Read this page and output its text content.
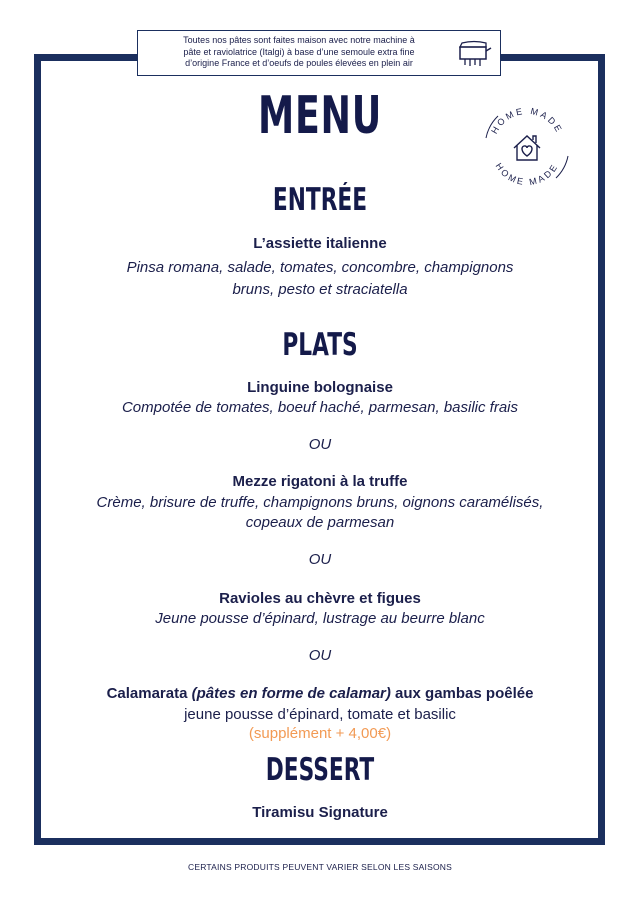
Toutes nos pâtes sont faites maison avec notre machine à
pâte et raviolatrice (Italgi) à base d’une semoule extra fine
d’origine France et d’oeufs de poules élevées en plein air
MENU	HOME MADE
HOME MADE
ENTRÉE
L’assiette italienne
Pinsa romana, salade, tomates, concombre, champignons
bruns, pesto et straciatella
PLATS
Linguine bolognaise
Compotée de tomates, boeuf haché, parmesan, basilic frais
OU
Mezze rigatoni à la truffe
Crème, brisure de truffe, champignons bruns, oignons caramélisés,
copeaux de parmesan
OU
Ravioles au chèvre et figues
Jeune pousse d’épinard, lustrage au beurre blanc
OU
Calamarata (pâtes en forme de calamar) aux gambas poêlée
jeune pousse d’épinard, tomate et basilic
(supplément + 4,00€)
DESSERT
Tiramisu Signature
CERTAINS PRODUITS PEUVENT VARIER SELON LES SAISONS
